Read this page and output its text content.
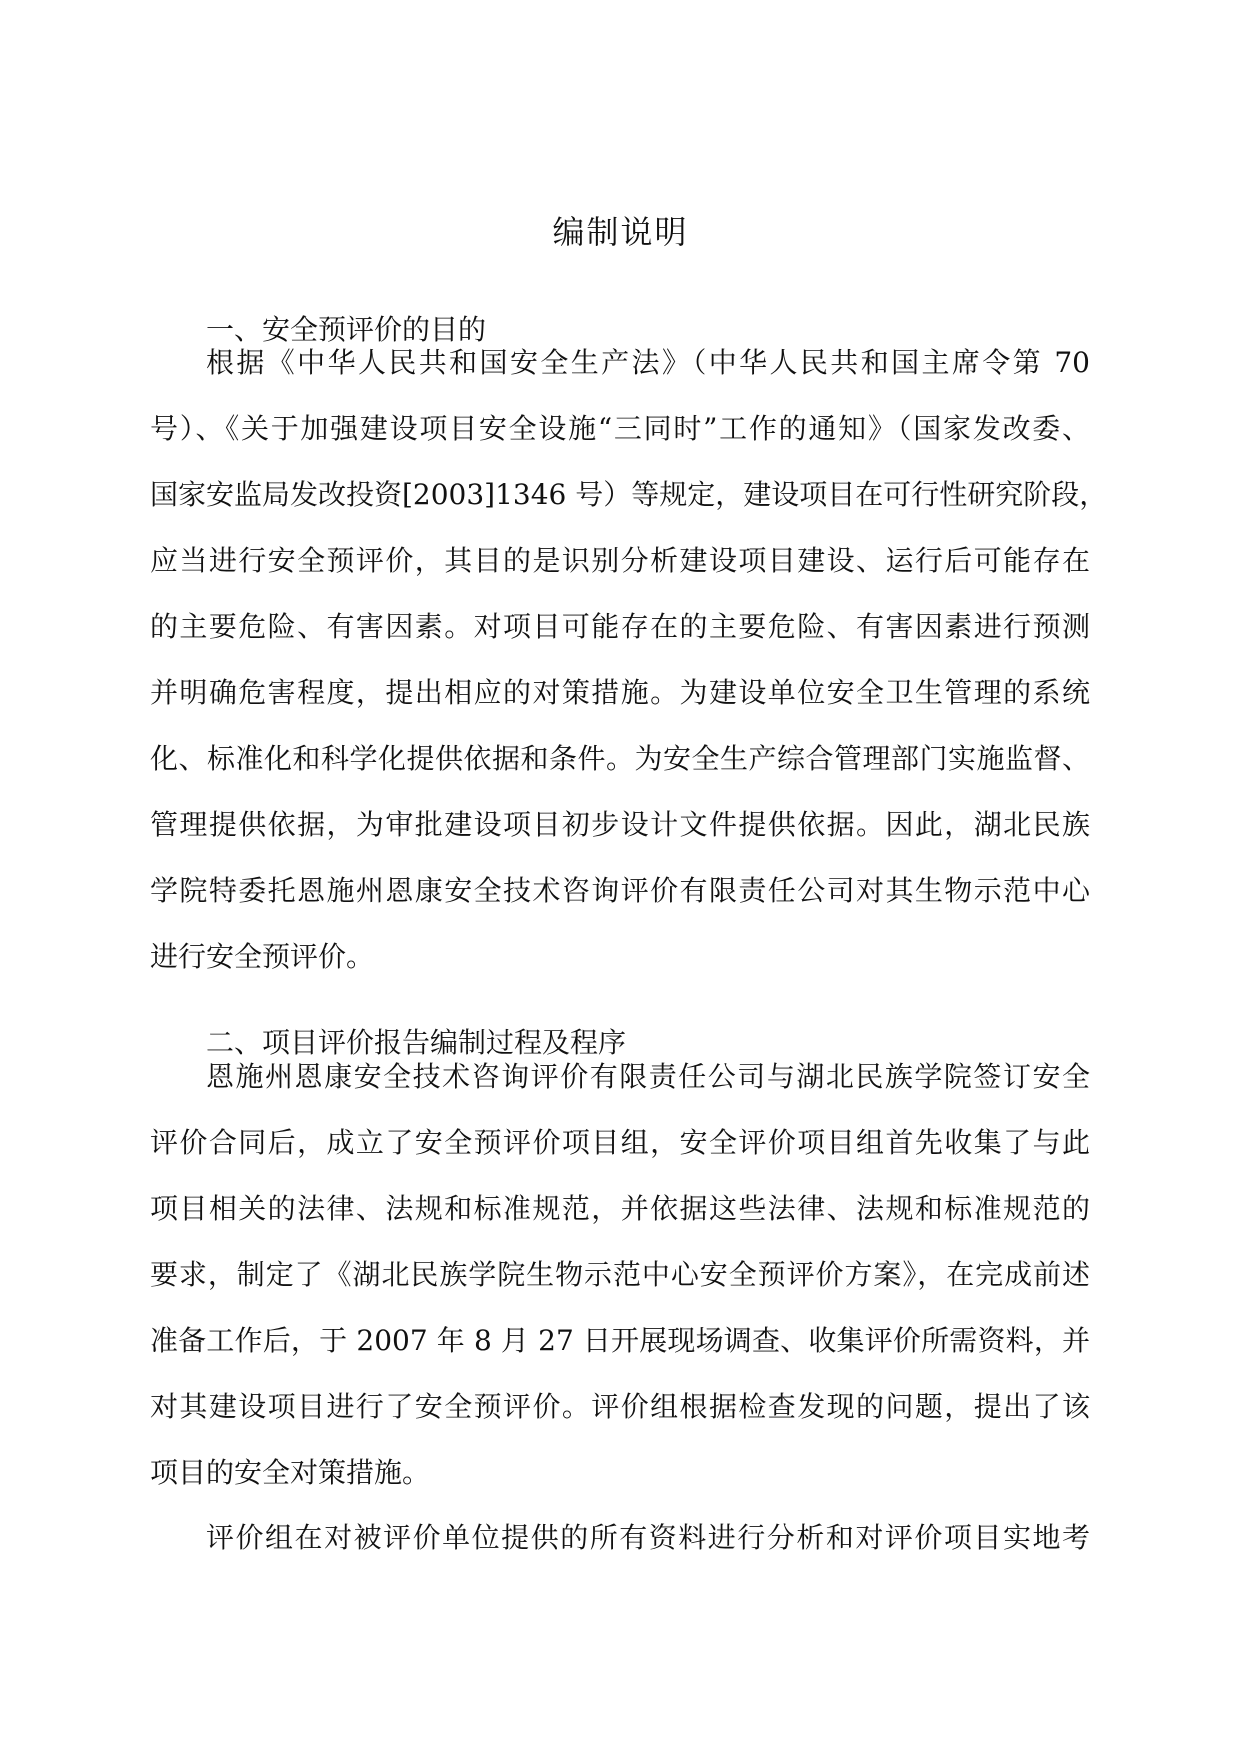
编制说明
一、安全预评价的目的
根据《中华人民共和国安全生产法》（中华人民共和国主席令第 70
号）、《关于加强建设项目安全设施“三同时”工作的通知》（国家发改委、
国家安监局发改投资[2003]1346 号）等规定，建设项目在可行性研究阶段，
应当进行安全预评价，其目的是识别分析建设项目建设、运行后可能存在
的主要危险、有害因素。对项目可能存在的主要危险、有害因素进行预测
并明确危害程度，提出相应的对策措施。为建设单位安全卫生管理的系统
化、标准化和科学化提供依据和条件。为安全生产综合管理部门实施监督、
管理提供依据，为审批建设项目初步设计文件提供依据。因此，湖北民族
学院特委托恩施州恩康安全技术咨询评价有限责任公司对其生物示范中心
进行安全预评价。
二、项目评价报告编制过程及程序
恩施州恩康安全技术咨询评价有限责任公司与湖北民族学院签订安全
评价合同后，成立了安全预评价项目组，安全评价项目组首先收集了与此
项目相关的法律、法规和标准规范，并依据这些法律、法规和标准规范的
要求，制定了《湖北民族学院生物示范中心安全预评价方案》，在完成前述
准备工作后，于 2007 年 8 月 27 日开展现场调查、收集评价所需资料，并
对其建设项目进行了安全预评价。评价组根据检查发现的问题，提出了该
项目的安全对策措施。
评价组在对被评价单位提供的所有资料进行分析和对评价项目实地考
